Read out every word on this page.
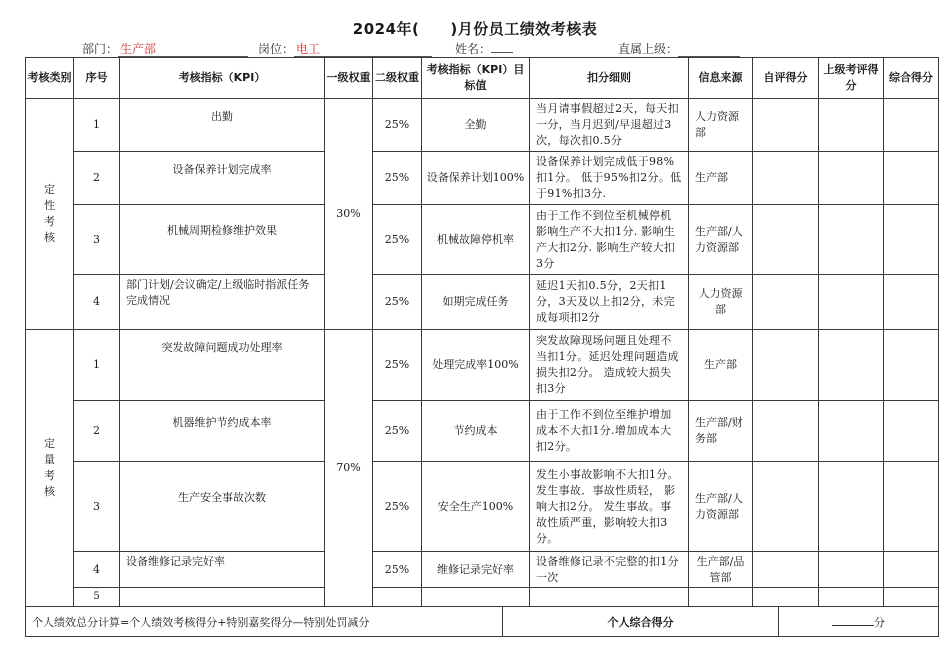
2024年(　　)月份员工绩效考核表
部门： 生产部	岗位： 电工	姓名：	直属上级：
考核类别	序号	考核指标（KPI）	一级权重	二级权重	考核指标（KPI）目标值	扣分细则	信息来源	自评得分	上级考评得分	综合得分
定性考核	1	出勤	30%	25%	全勤	当月请事假超过2天，每天扣一分，当月迟到/早退超过3次，每次扣0.5分	人力资源部			
	2	设备保养计划完成率		25%	设备保养计划100%	设备保养计划完成低于98%扣1分。 低于95%扣2分。低于91%扣3分.	生产部			
	3	机械周期检修维护效果		25%	机械故障停机率	由于工作不到位至机械停机影响生产不大扣1分. 影响生产大扣2分. 影响生产较大扣3分	生产部/人力资源部			
	4	部门计划/会议确定/上级临时指派任务完成情况		25%	如期完成任务	延迟1天扣0.5分，2天扣1分，3天及以上扣2分，未完成每项扣2分	人力资源部			
定量考核	1	突发故障问题成功处理率	70%	25%	处理完成率100%	突发故障现场问题且处理不当扣1分。延迟处理问题造成损失扣2分。 造成较大损失扣3分	生产部			
	2	机器维护节约成本率		25%	节约成本	由于工作不到位至维护增加成本不大扣1分.增加成本大扣2分。	生产部/财务部			
	3	生产安全事故次数		25%	安全生产100%	发生小事故影响不大扣1分。 发生事故．事故性质轻， 影响大扣2分。 发生事故。事故性质严重，影响较大扣3分。	生产部/人力资源部			
	4	设备维修记录完好率		25%	维修记录完好率	设备维修记录不完整的扣1分一次	生产部/品管部			
	5									
个人绩效总分计算=个人绩效考核得分+特别嘉奖得分—特别处罚减分	个人综合得分	分
